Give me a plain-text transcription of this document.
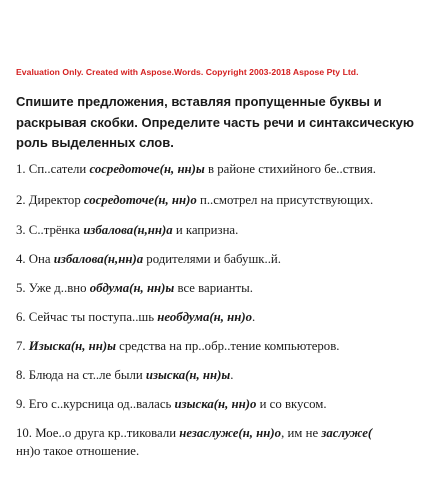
Evaluation Only. Created with Aspose.Words. Copyright 2003-2018 Aspose Pty Ltd.
Спишите предложения, вставляя пропущенные буквы и раскрывая скобки. Определите часть речи и синтаксическую роль выделенных слов.
1. Сп..сатели сосредоточе(н, нн)ы в районе стихийного бе..ствия.
2. Директор сосредоточе(н, нн)о п..смотрел на присутствующих.
3. С..трёнка избалова(н,нн)а и капризна.
4. Она избалова(н,нн)а родителями и бабушк..й.
5. Уже д..вно обдума(н, нн)ы все варианты.
6. Сейчас ты поступа..шь необдума(н, нн)о.
7. Изыска(н, нн)ы средства на пр..обр..тение компьютеров.
8. Блюда на ст..ле были изыска(н, нн)ы.
9. Его с..курсница од..валась изыска(н, нн)о и со вкусом.
10. Мое..о друга кр..тиковали незаслуже(н, нн)о, им не заслуже(
нн)о такое отношение.
